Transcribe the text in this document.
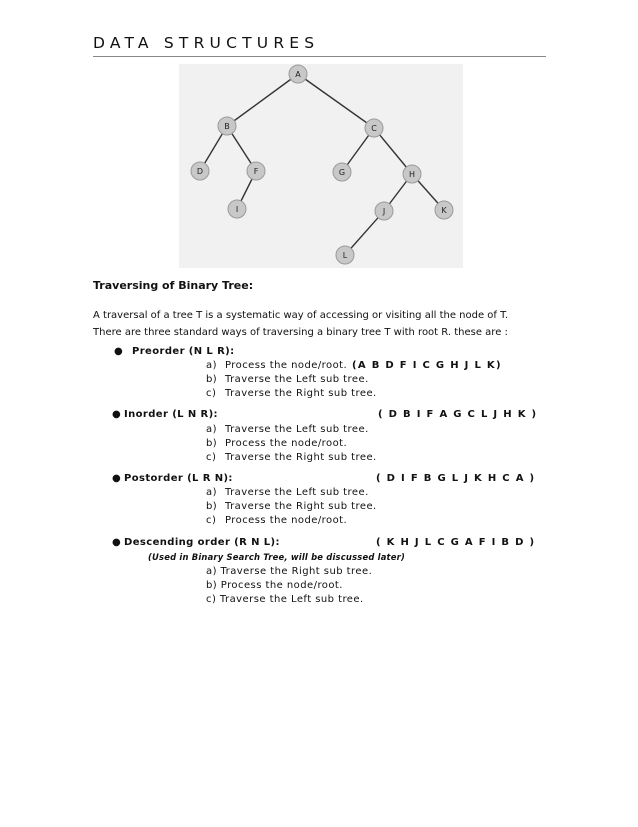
DATA STRUCTURES
A
B	C
D	F	G	H
I	J	K
L
Traversing of Binary Tree:
A traversal of a tree T is a systematic way of accessing or visiting all the node of T.
There are three standard ways of traversing a binary tree T with root R. these are :
● Preorder (N L R):
(A B D F I C G H J L K)
a) Process the node/root.
b) Traverse the Left sub tree.
c) Traverse the Right sub tree.
● Inorder (L N R):	( D B I F A G C L J H K )
a) Traverse the Left sub tree.
b) Process the node/root.
c) Traverse the Right sub tree.
● Postorder (L R N):	( D I F B G L J K H C A )
a) Traverse the Left sub tree.
b) Traverse the Right sub tree.
c) Process the node/root.
● Descending order (R N L):	( K H J L C G A F I B D )
(Used in Binary Search Tree, will be discussed later)
a) Traverse the Right sub tree.
b) Process the node/root.
c) Traverse the Left sub tree.
